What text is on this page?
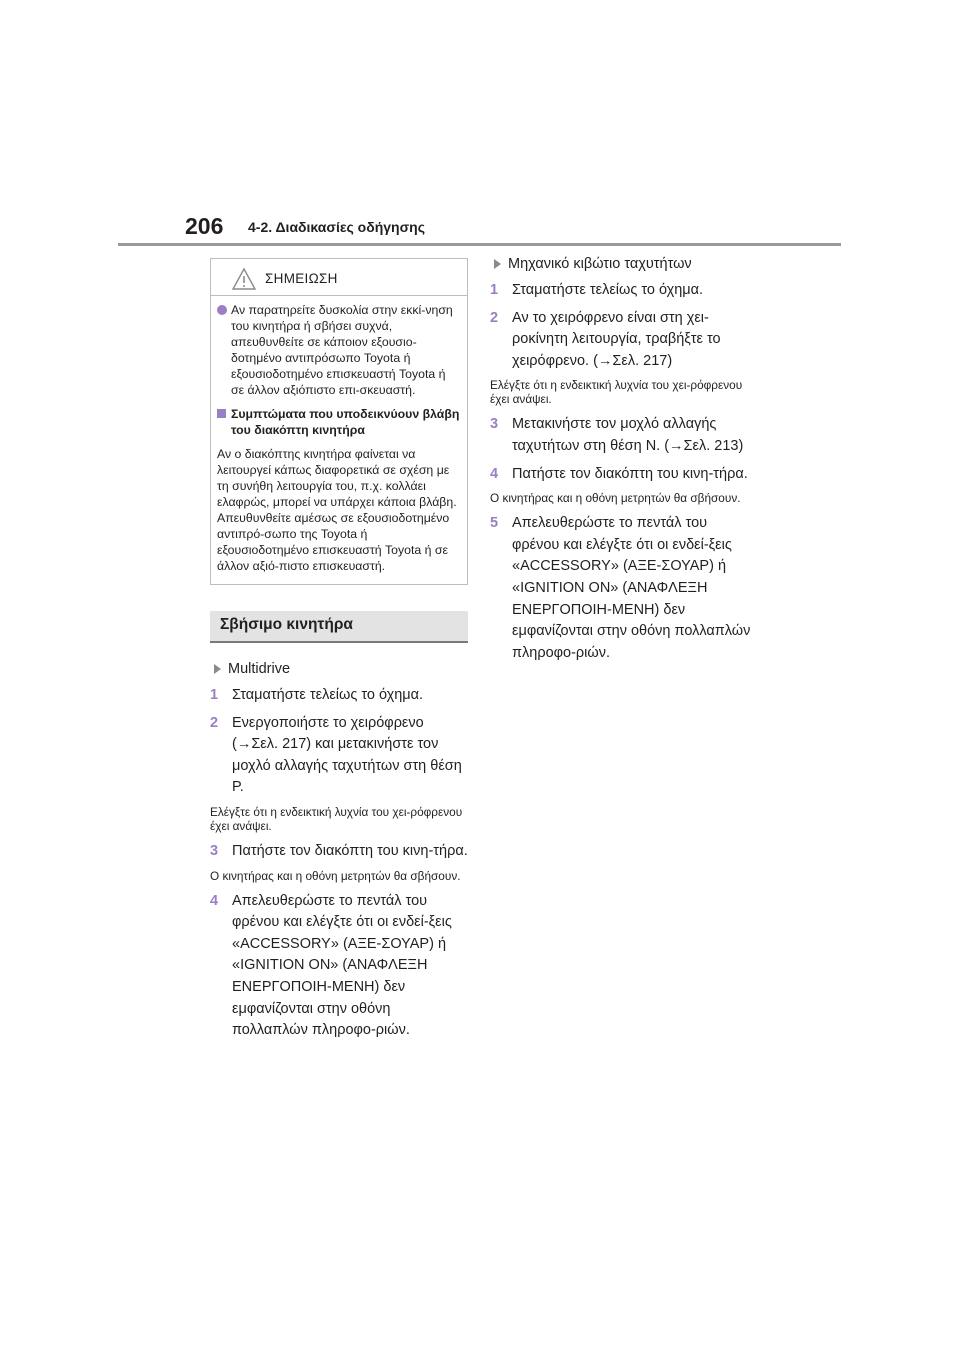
206 4-2. Διαδικασίες οδήγησης
ΣΗΜΕΙΩΣΗ
Αν παρατηρείτε δυσκολία στην εκκί-νηση του κινητήρα ή σβήσει συχνά, απευθυνθείτε σε κάποιον εξουσιο-δοτημένο αντιπρόσωπο Toyota ή εξουσιοδοτημένο επισκευαστή Toyota ή σε άλλον αξιόπιστο επι-σκευαστή.
Συμπτώματα που υποδεικνύουν βλάβη του διακόπτη κινητήρα
Αν ο διακόπτης κινητήρα φαίνεται να λειτουργεί κάπως διαφορετικά σε σχέση με τη συνήθη λειτουργία του, π.χ. κολλάει ελαφρώς, μπορεί να υπάρχει κάποια βλάβη. Απευθυνθείτε αμέσως σε εξουσιοδοτημένο αντιπρό-σωπο της Toyota ή εξουσιοδοτημένο επισκευαστή Toyota ή σε άλλον αξιό-πιστο επισκευαστή.
Σβήσιμο κινητήρα
Multidrive
1 Σταματήστε τελείως το όχημα.
2 Ενεργοποιήστε το χειρόφρενο (→Σελ. 217) και μετακινήστε τον μοχλό αλλαγής ταχυτήτων στη θέση P.
Ελέγξτε ότι η ενδεικτική λυχνία του χει-ρόφρενου έχει ανάψει.
3 Πατήστε τον διακόπτη του κινη-τήρα.
Ο κινητήρας και η οθόνη μετρητών θα σβήσουν.
4 Απελευθερώστε το πεντάλ του φρένου και ελέγξτε ότι οι ενδεί-ξεις «ACCESSORY» (ΑΞΕ-ΣΟΥΑΡ) ή «IGNITION ON» (ΑΝΑΦΛΕΞΗ ΕΝΕΡΓΟΠΟΙΗ-ΜΕΝΗ) δεν εμφανίζονται στην οθόνη πολλαπλών πληροφο-ριών.
Μηχανικό κιβώτιο ταχυτήτων
1 Σταματήστε τελείως το όχημα.
2 Αν το χειρόφρενο είναι στη χει-ροκίνητη λειτουργία, τραβήξτε το χειρόφρενο. (→Σελ. 217)
Ελέγξτε ότι η ενδεικτική λυχνία του χει-ρόφρενου έχει ανάψει.
3 Μετακινήστε τον μοχλό αλλαγής ταχυτήτων στη θέση N. (→Σελ. 213)
4 Πατήστε τον διακόπτη του κινη-τήρα.
Ο κινητήρας και η οθόνη μετρητών θα σβήσουν.
5 Απελευθερώστε το πεντάλ του φρένου και ελέγξτε ότι οι ενδεί-ξεις «ACCESSORY» (ΑΞΕ-ΣΟΥΑΡ) ή «IGNITION ON» (ΑΝΑΦΛΕΞΗ ΕΝΕΡΓΟΠΟΙΗ-ΜΕΝΗ) δεν εμφανίζονται στην οθόνη πολλαπλών πληροφο-ριών.
